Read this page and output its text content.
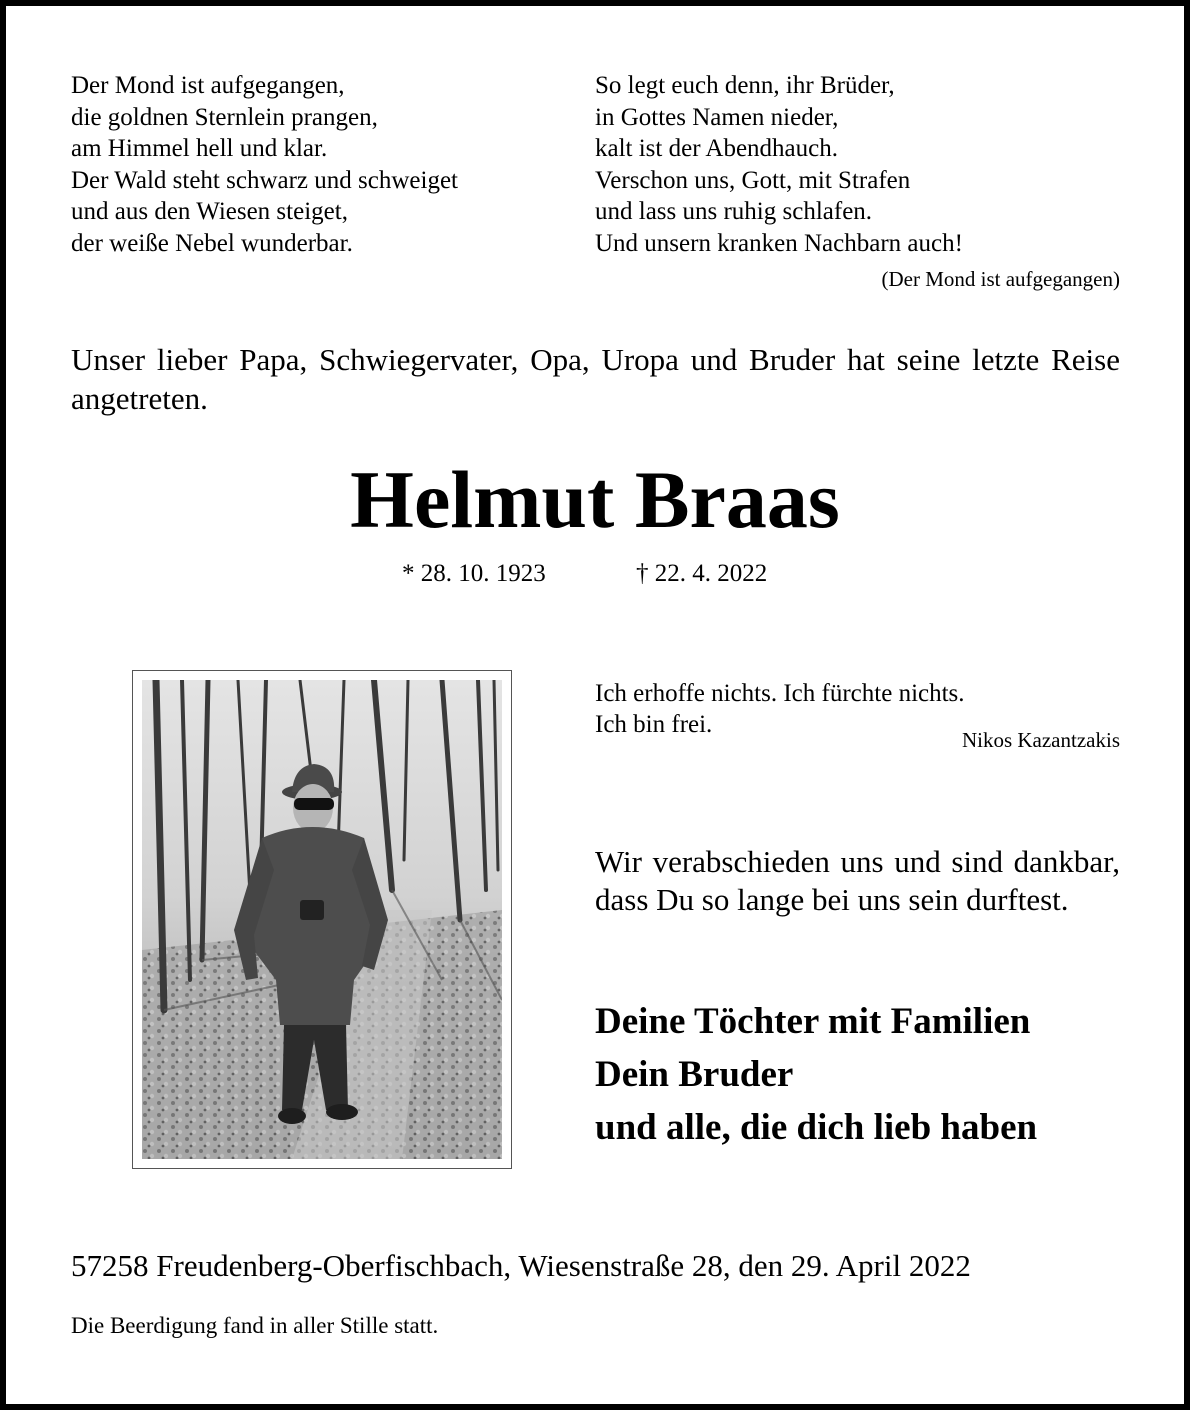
Der Mond ist aufgegangen,
die goldnen Sternlein prangen,
am Himmel hell und klar.
Der Wald steht schwarz und schweiget
und aus den Wiesen steiget,
der weiße Nebel wunderbar.
So legt euch denn, ihr Brüder,
in Gottes Namen nieder,
kalt ist der Abendhauch.
Verschon uns, Gott, mit Strafen
und lass uns ruhig schlafen.
Und unsern kranken Nachbarn auch!
(Der Mond ist aufgegangen)
Unser lieber Papa, Schwiegervater, Opa, Uropa und Bruder hat seine letzte Reise angetreten.
Helmut Braas
* 28. 10. 1923	† 22. 4. 2022
Ich erhoffe nichts. Ich fürchte nichts.
Ich bin frei.
Nikos Kazantzakis
Wir verabschieden uns und sind dankbar, dass Du so lange bei uns sein durftest.
Deine Töchter mit Familien
Dein Bruder
und alle, die dich lieb haben
57258 Freudenberg-Oberfischbach, Wiesenstraße 28, den 29. April 2022
Die Beerdigung fand in aller Stille statt.
